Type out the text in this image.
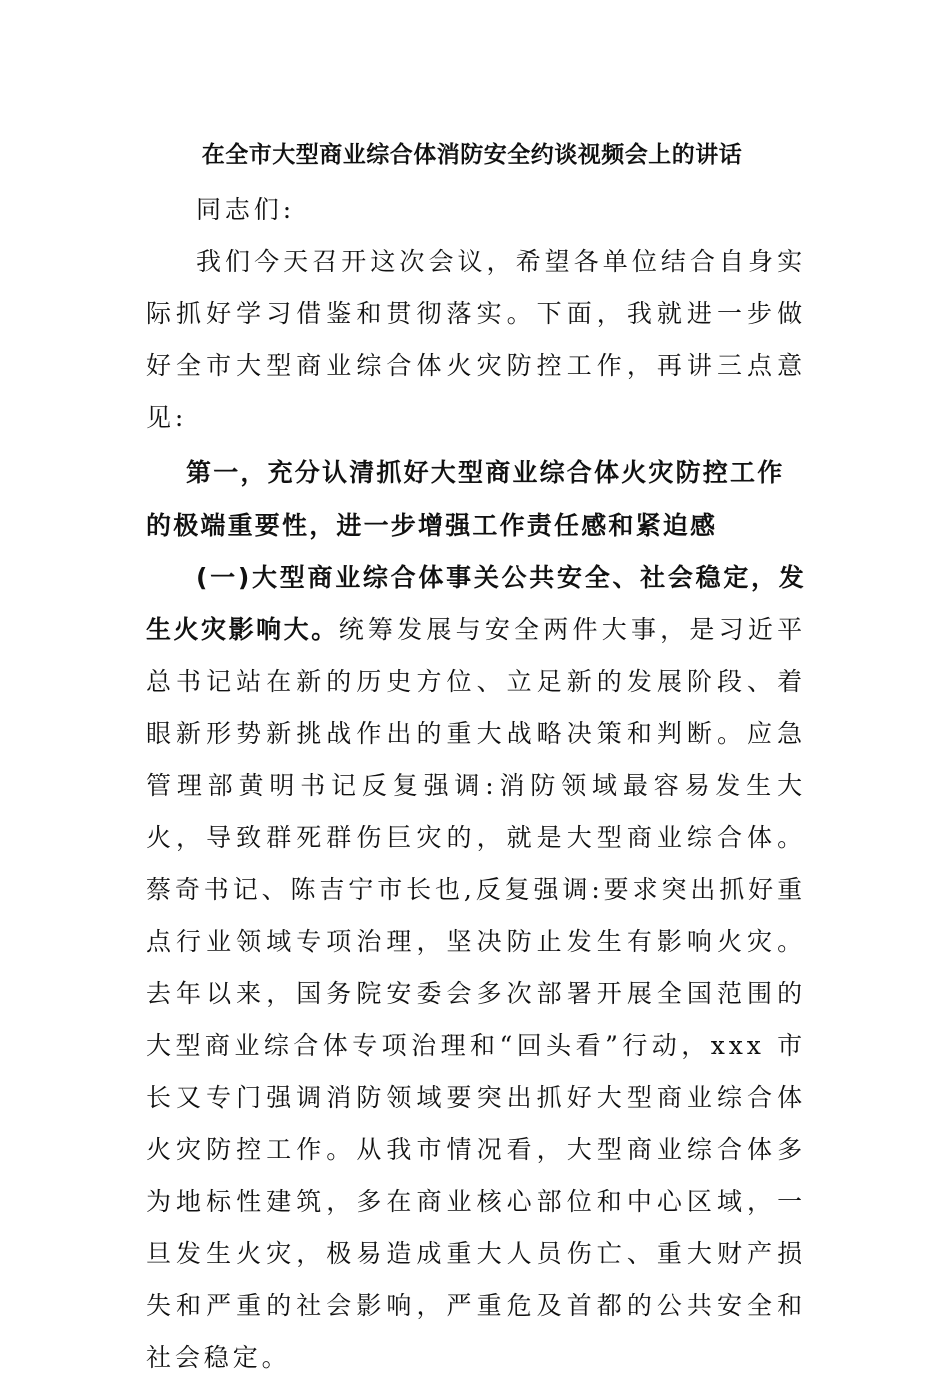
在全市大型商业综合体消防安全约谈视频会上的讲话

同志们:

我们今天召开这次会议，希望各单位结合自身实际抓好学习借鉴和贯彻落实。下面，我就进一步做好全市大型商业综合体火灾防控工作，再讲三点意见:

第一，充分认清抓好大型商业综合体火灾防控工作的极端重要性，进一步增强工作责任感和紧迫感

(一)大型商业综合体事关公共安全、社会稳定，发生火灾影响大。统筹发展与安全两件大事，是习近平总书记站在新的历史方位、立足新的发展阶段、着眼新形势新挑战作出的重大战略决策和判断。应急管理部黄明书记反复强调:消防领域最容易发生大火，导致群死群伤巨灾的，就是大型商业综合体。蔡奇书记、陈吉宁市长也,反复强调:要求突出抓好重点行业领域专项治理，坚决防止发生有影响火灾。去年以来，国务院安委会多次部署开展全国范围的大型商业综合体专项治理和“回头看”行动，xxx 市长又专门强调消防领域要突出抓好大型商业综合体火灾防控工作。从我市情况看，大型商业综合体多为地标性建筑，多在商业核心部位和中心区域，一旦发生火灾，极易造成重大人员伤亡、重大财产损失和严重的社会影响，严重危及首都的公共安全和社会稳定。
